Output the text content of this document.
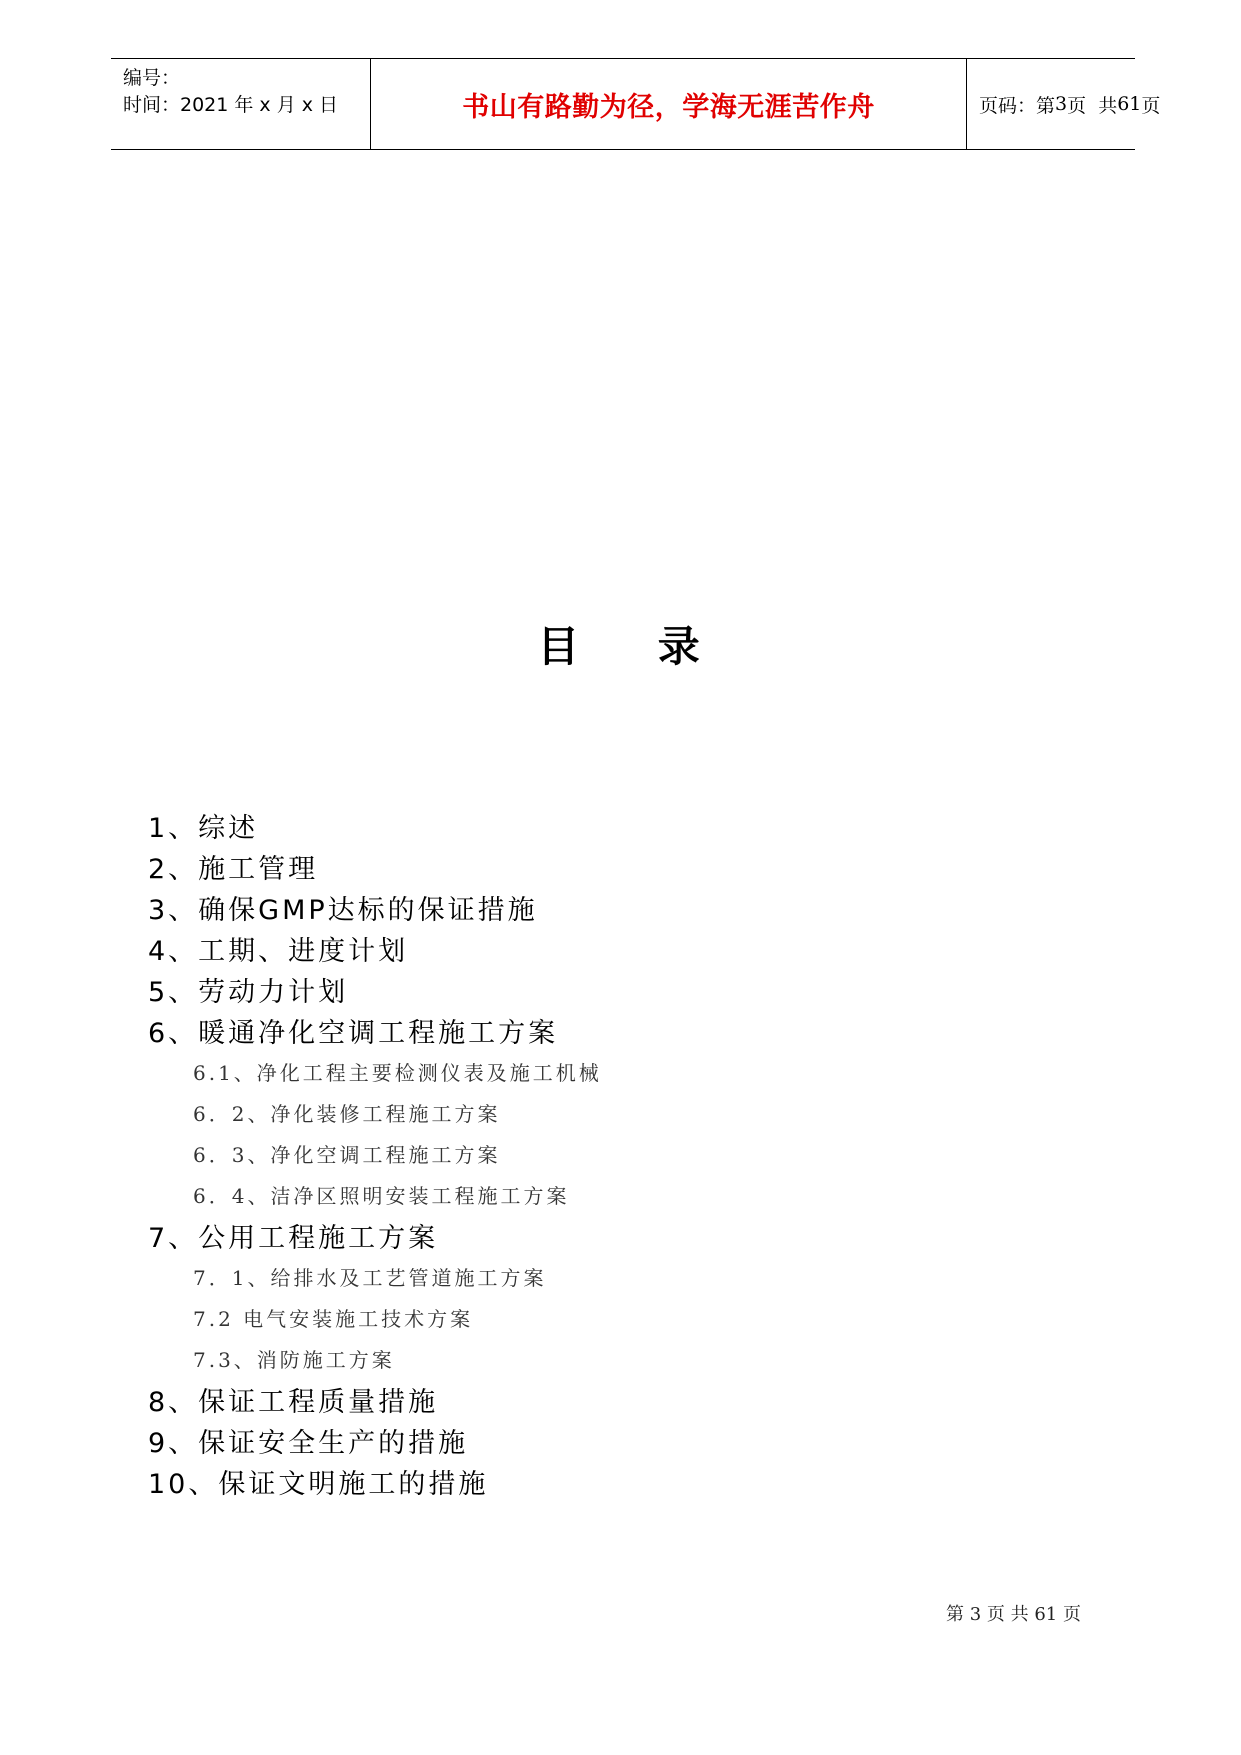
编号：
时间：2021 年 x 月 x 日	书山有路勤为径，学海无涯苦作舟	页码：第 3 页  共 61 页
目    录
1、综述
2、施工管理
3、确保GMP达标的保证措施
4、工期、进度计划
5、劳动力计划
6、暖通净化空调工程施工方案
6.1、净化工程主要检测仪表及施工机械
6．2、净化装修工程施工方案
6．3、净化空调工程施工方案
6．4、洁净区照明安装工程施工方案
7、公用工程施工方案
7．1、给排水及工艺管道施工方案
7.2 电气安装施工技术方案
7.3、消防施工方案
8、保证工程质量措施
9、保证安全生产的措施
10、保证文明施工的措施
第 3 页 共 61 页
